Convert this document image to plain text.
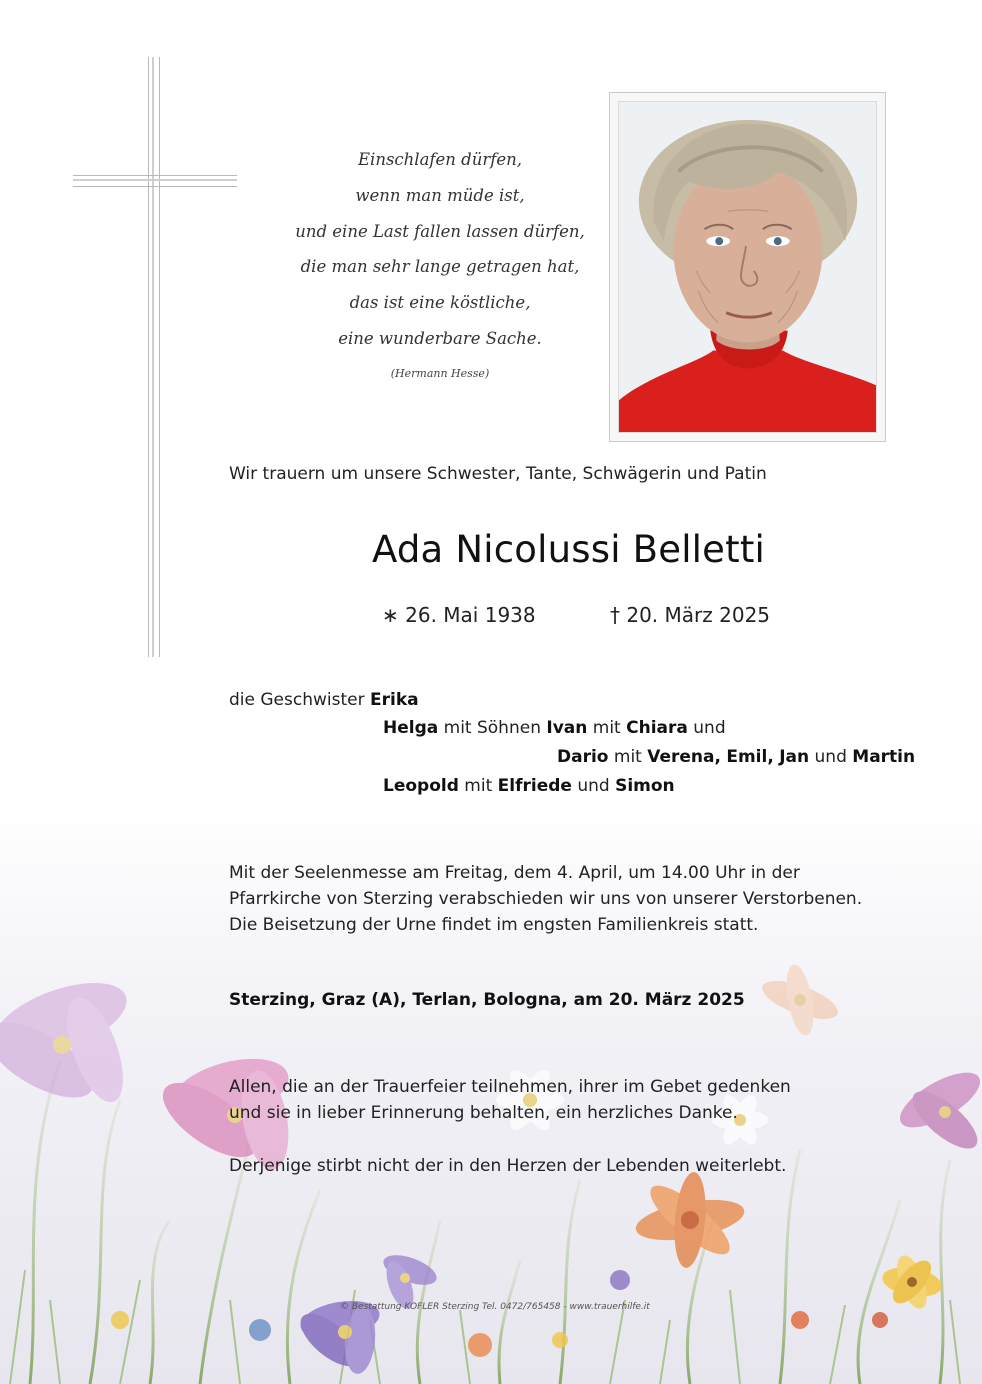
Einschlafen dürfen,
wenn man müde ist,
und eine Last fallen lassen dürfen,
die man sehr lange getragen hat,
das ist eine köstliche,
eine wunderbare Sache.
(Hermann Hesse)
Wir trauern um unsere Schwester, Tante, Schwägerin und Patin
Ada Nicolussi Belletti
∗ 26. Mai 1938	† 20. März 2025
die Geschwister Erika
Helga mit Söhnen Ivan mit Chiara und
Dario mit Verena, Emil, Jan und Martin
Leopold mit Elfriede und Simon
Mit der Seelenmesse am Freitag, dem 4. April, um 14.00 Uhr in der
Pfarrkirche von Sterzing verabschieden wir uns von unserer Verstorbenen.
Die Beisetzung der Urne findet im engsten Familienkreis statt.
Sterzing, Graz (A), Terlan, Bologna, am 20. März 2025
Allen, die an der Trauerfeier teilnehmen, ihrer im Gebet gedenken
und sie in lieber Erinnerung behalten, ein herzliches Danke.
Derjenige stirbt nicht der in den Herzen der Lebenden weiterlebt.
© Bestattung KOFLER Sterzing Tel. 0472/765458 - www.trauerhilfe.it
